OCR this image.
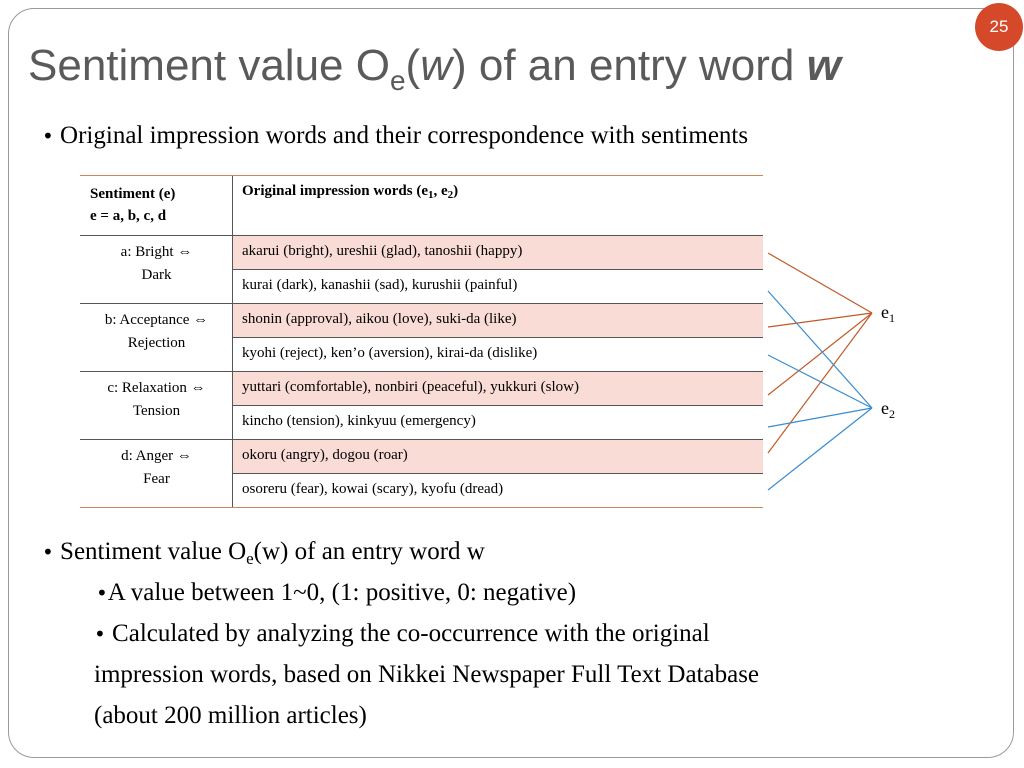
25
Sentiment value $O_e(w)$ of an entry word w
• Original impression words and their correspondence with sentiments
Sentiment (e)
e = a, b, c, d
Original impression words ($e_1$, $e_2$)
a: Bright ⇔
Dark
b: Acceptance ⇔
Rejection
c: Relaxation ⇔
Tension
d: Anger ⇔
Fear
akarui (bright), ureshii (glad), tanoshii (happy)
kurai (dark), kanashii (sad), kurushii (painful)
shonin (approval), aikou (love), suki-da (like)
kyohi (reject), ken’o (aversion), kirai-da (dislike)
yuttari (comfortable), nonbiri (peaceful), yukkuri (slow)
kincho (tension), kinkyuu (emergency)
okoru (angry), dogou (roar)
osoreru (fear), kowai (scary), kyofu (dread)
$e_1$
$e_2$
• Sentiment value $O_e(w)$ of an entry word w
•A value between 1~0, (1: positive, 0: negative)
• Calculated by analyzing the co-occurrence with the original
impression words, based on Nikkei Newspaper Full Text Database
(about 200 million articles)
